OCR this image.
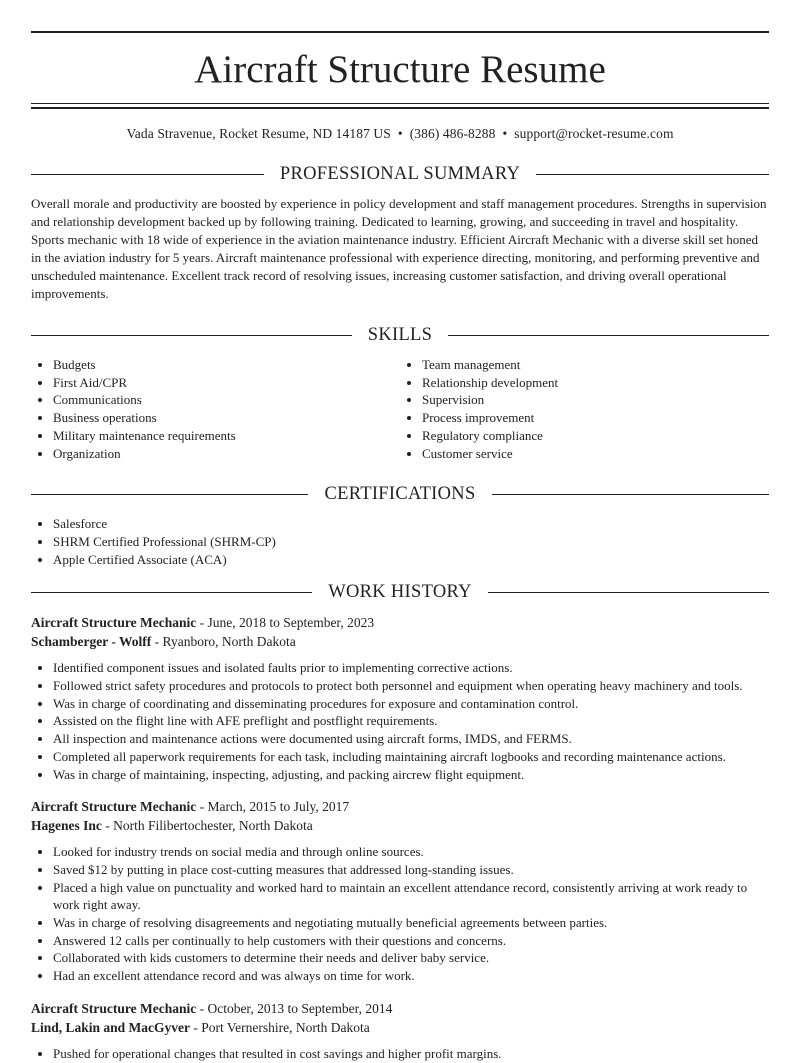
Aircraft Structure Resume
Vada Stravenue, Rocket Resume, ND 14187 US • (386) 486-8288 • support@rocket-resume.com
PROFESSIONAL SUMMARY

Overall morale and productivity are boosted by experience in policy development and staff management procedures. Strengths in supervision and relationship development backed up by following training. Dedicated to learning, growing, and succeeding in travel and hospitality. Sports mechanic with 18 wide of experience in the aviation maintenance industry. Efficient Aircraft Mechanic with a diverse skill set honed in the aviation industry for 5 years. Aircraft maintenance professional with experience directing, monitoring, and performing preventive and unscheduled maintenance. Excellent track record of resolving issues, increasing customer satisfaction, and driving overall operational improvements.

SKILLS
• Budgets
• First Aid/CPR
• Communications
• Business operations
• Military maintenance requirements
• Organization
• Team management
• Relationship development
• Supervision
• Process improvement
• Regulatory compliance
• Customer service
CERTIFICATIONS
• Salesforce
• SHRM Certified Professional (SHRM-CP)
• Apple Certified Associate (ACA)
WORK HISTORY
Aircraft Structure Mechanic - June, 2018 to September, 2023
Schamberger - Wolff - Ryanboro, North Dakota
• Identified component issues and isolated faults prior to implementing corrective actions.
• Followed strict safety procedures and protocols to protect both personnel and equipment when operating heavy machinery and tools.
• Was in charge of coordinating and disseminating procedures for exposure and contamination control.
• Assisted on the flight line with AFE preflight and postflight requirements.
• All inspection and maintenance actions were documented using aircraft forms, IMDS, and FERMS.
• Completed all paperwork requirements for each task, including maintaining aircraft logbooks and recording maintenance actions.
• Was in charge of maintaining, inspecting, adjusting, and packing aircrew flight equipment.
Aircraft Structure Mechanic - March, 2015 to July, 2017
Hagenes Inc - North Filibertochester, North Dakota
• Looked for industry trends on social media and through online sources.
• Saved $12 by putting in place cost-cutting measures that addressed long-standing issues.
• Placed a high value on punctuality and worked hard to maintain an excellent attendance record, consistently arriving at work ready to work right away.
• Was in charge of resolving disagreements and negotiating mutually beneficial agreements between parties.
• Answered 12 calls per continually to help customers with their questions and concerns.
• Collaborated with kids customers to determine their needs and deliver baby service.
• Had an excellent attendance record and was always on time for work.
Aircraft Structure Mechanic - October, 2013 to September, 2014
Lind, Lakin and MacGyver - Port Vernershire, North Dakota
• Pushed for operational changes that resulted in cost savings and higher profit margins.
